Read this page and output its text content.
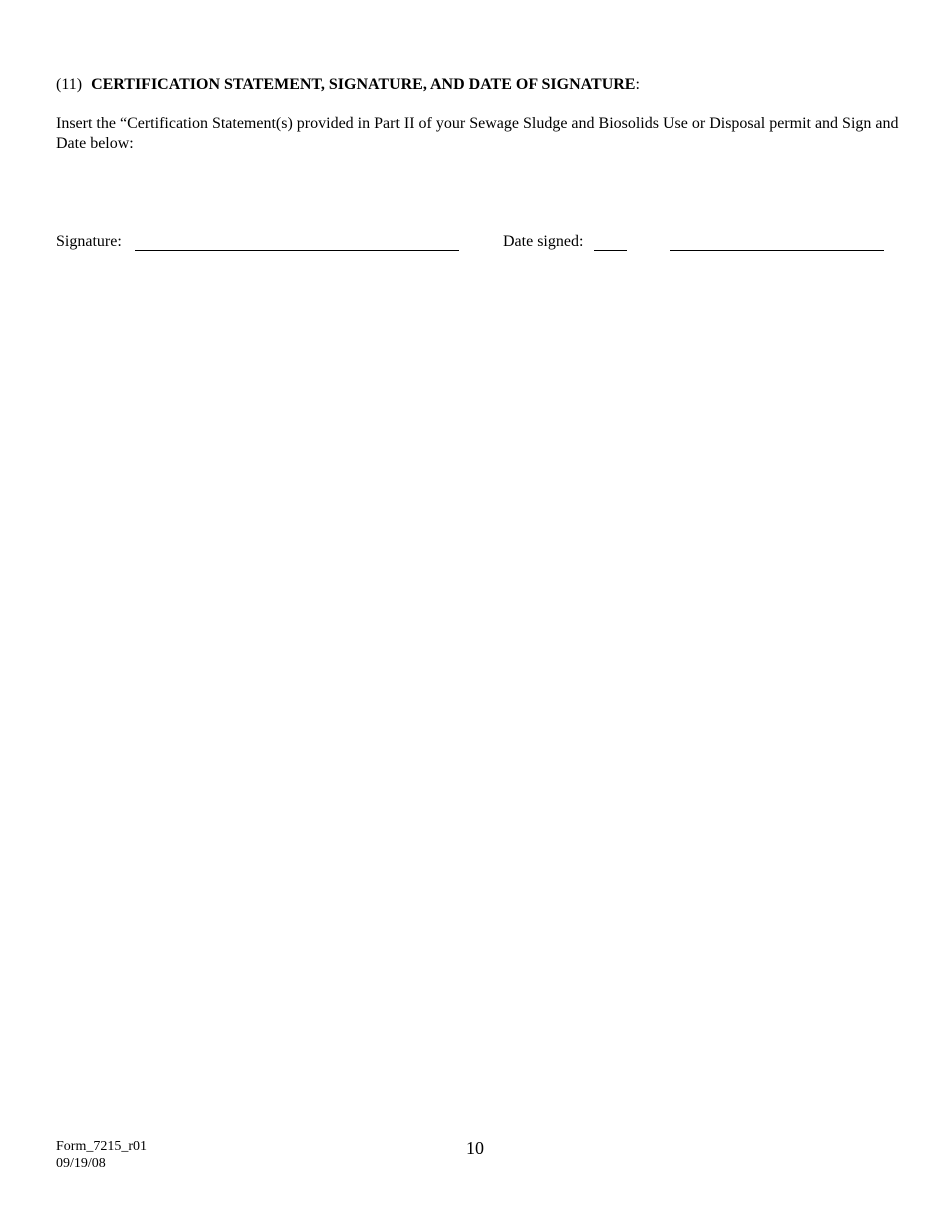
(11) CERTIFICATION STATEMENT, SIGNATURE, AND DATE OF SIGNATURE:
Insert the “Certification Statement(s) provided in Part II of your Sewage Sludge and Biosolids Use or Disposal permit and Sign and Date below:
Signature:	Date signed:
Form_7215_r01
09/19/08
10
